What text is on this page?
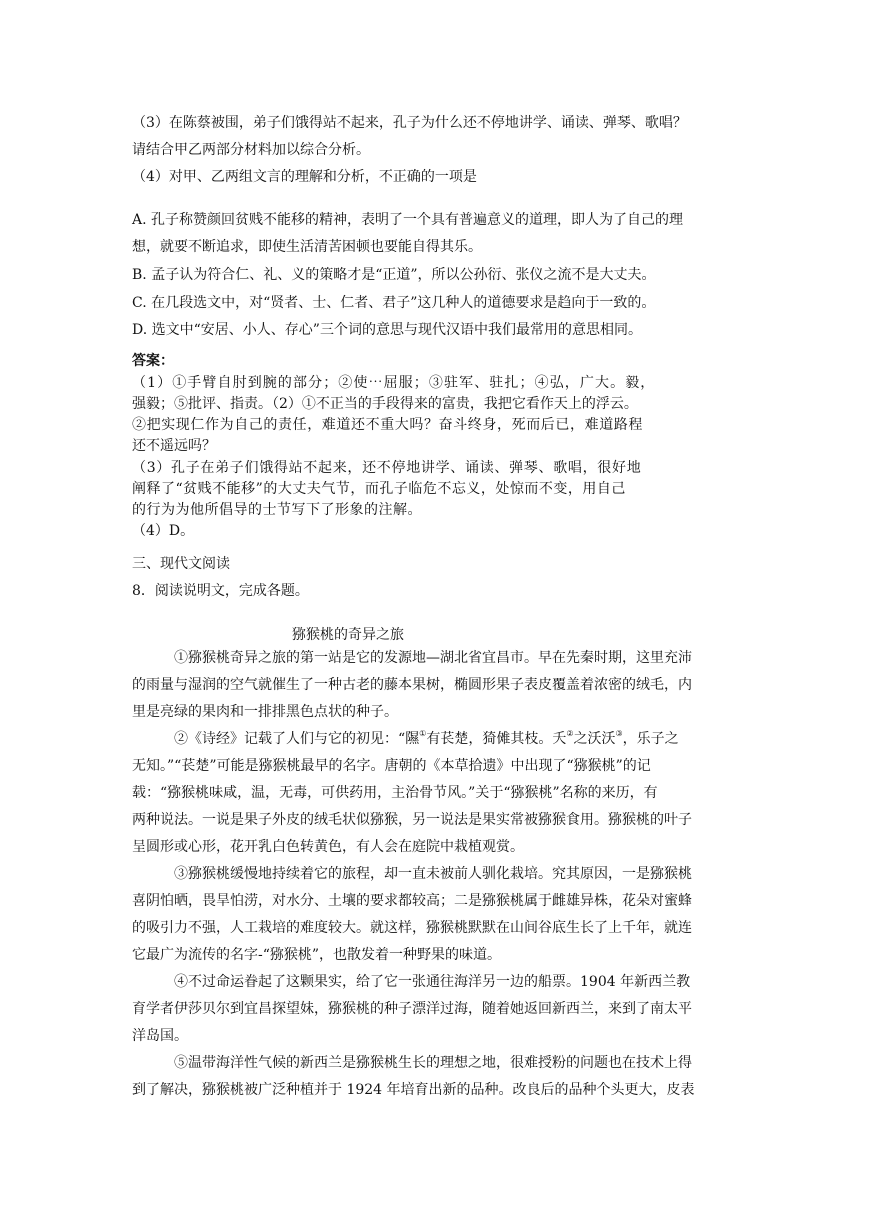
（3）在陈蔡被围，弟子们饿得站不起来，孔子为什么还不停地讲学、诵读、弹琴、歌唱？
请结合甲乙两部分材料加以综合分析。
（4）对甲、乙两组文言的理解和分析，不正确的一项是
A. 孔子称赞颜回贫贱不能移的精神，表明了一个具有普遍意义的道理，即人为了自己的理
想，就要不断追求，即使生活清苦困顿也要能自得其乐。
B. 孟子认为符合仁、礼、义的策略才是“正道”，所以公孙衍、张仪之流不是大丈夫。
C. 在几段选文中，对“贤者、士、仁者、君子”这几种人的道德要求是趋向于一致的。
D. 选文中“安居、小人、存心”三个词的意思与现代汉语中我们最常用的意思相同。
答案：
（1）①手臂自肘到腕的部分；②使⋯屈服；③驻军、驻扎；④弘，广大。毅，
强毅；⑤批评、指责。（2）①不正当的手段得来的富贵，我把它看作天上的浮云。
②把实现仁作为自己的责任，难道还不重大吗？奋斗终身，死而后已，难道路程
还不遥远吗？
（3）孔子在弟子们饿得站不起来，还不停地讲学、诵读、弹琴、歌唱，很好地
阐释了“贫贱不能移”的大丈夫气节，而孔子临危不忘义，处惊而不变，用自己
的行为为他所倡导的士节写下了形象的注解。
（4）D。
三、现代文阅读
8．阅读说明文，完成各题。
猕猴桃的奇异之旅
①猕猴桃奇异之旅的第一站是它的发源地—湖北省宜昌市。早在先秦时期，这里充沛
的雨量与湿润的空气就催生了一种古老的藤本果树，椭圆形果子表皮覆盖着浓密的绒毛，内
里是亮绿的果肉和一排排黑色点状的种子。
②《诗经》记载了人们与它的初见：“隰①有苌楚，猗傩其枝。夭②之沃沃③，乐子之
无知。”“苌楚”可能是猕猴桃最早的名字。唐朝的《本草拾遗》中出现了“猕猴桃”的记
载：“猕猴桃味咸，温，无毒，可供药用，主治骨节风。”关于“猕猴桃”名称的来历，有
两种说法。一说是果子外皮的绒毛状似猕猴，另一说法是果实常被猕猴食用。猕猴桃的叶子
呈圆形或心形，花开乳白色转黄色，有人会在庭院中栽植观赏。
③猕猴桃缓慢地持续着它的旅程，却一直未被前人驯化栽培。究其原因，一是猕猴桃
喜阴怕晒，畏旱怕涝，对水分、土壤的要求都较高；二是猕猴桃属于雌雄异株，花朵对蜜蜂
的吸引力不强，人工栽培的难度较大。就这样，猕猴桃默默在山间谷底生长了上千年，就连
它最广为流传的名字-“猕猴桃”，也散发着一种野果的味道。
④不过命运眷起了这颗果实，给了它一张通往海洋另一边的船票。1904 年新西兰教
育学者伊莎贝尔到宜昌探望妹，猕猴桃的种子漂洋过海，随着她返回新西兰，来到了南太平
洋岛国。
⑤温带海洋性气候的新西兰是猕猴桃生长的理想之地，很难授粉的问题也在技术上得
到了解决，猕猴桃被广泛种植并于 1924 年培育出新的品种。改良后的品种个头更大，皮表
